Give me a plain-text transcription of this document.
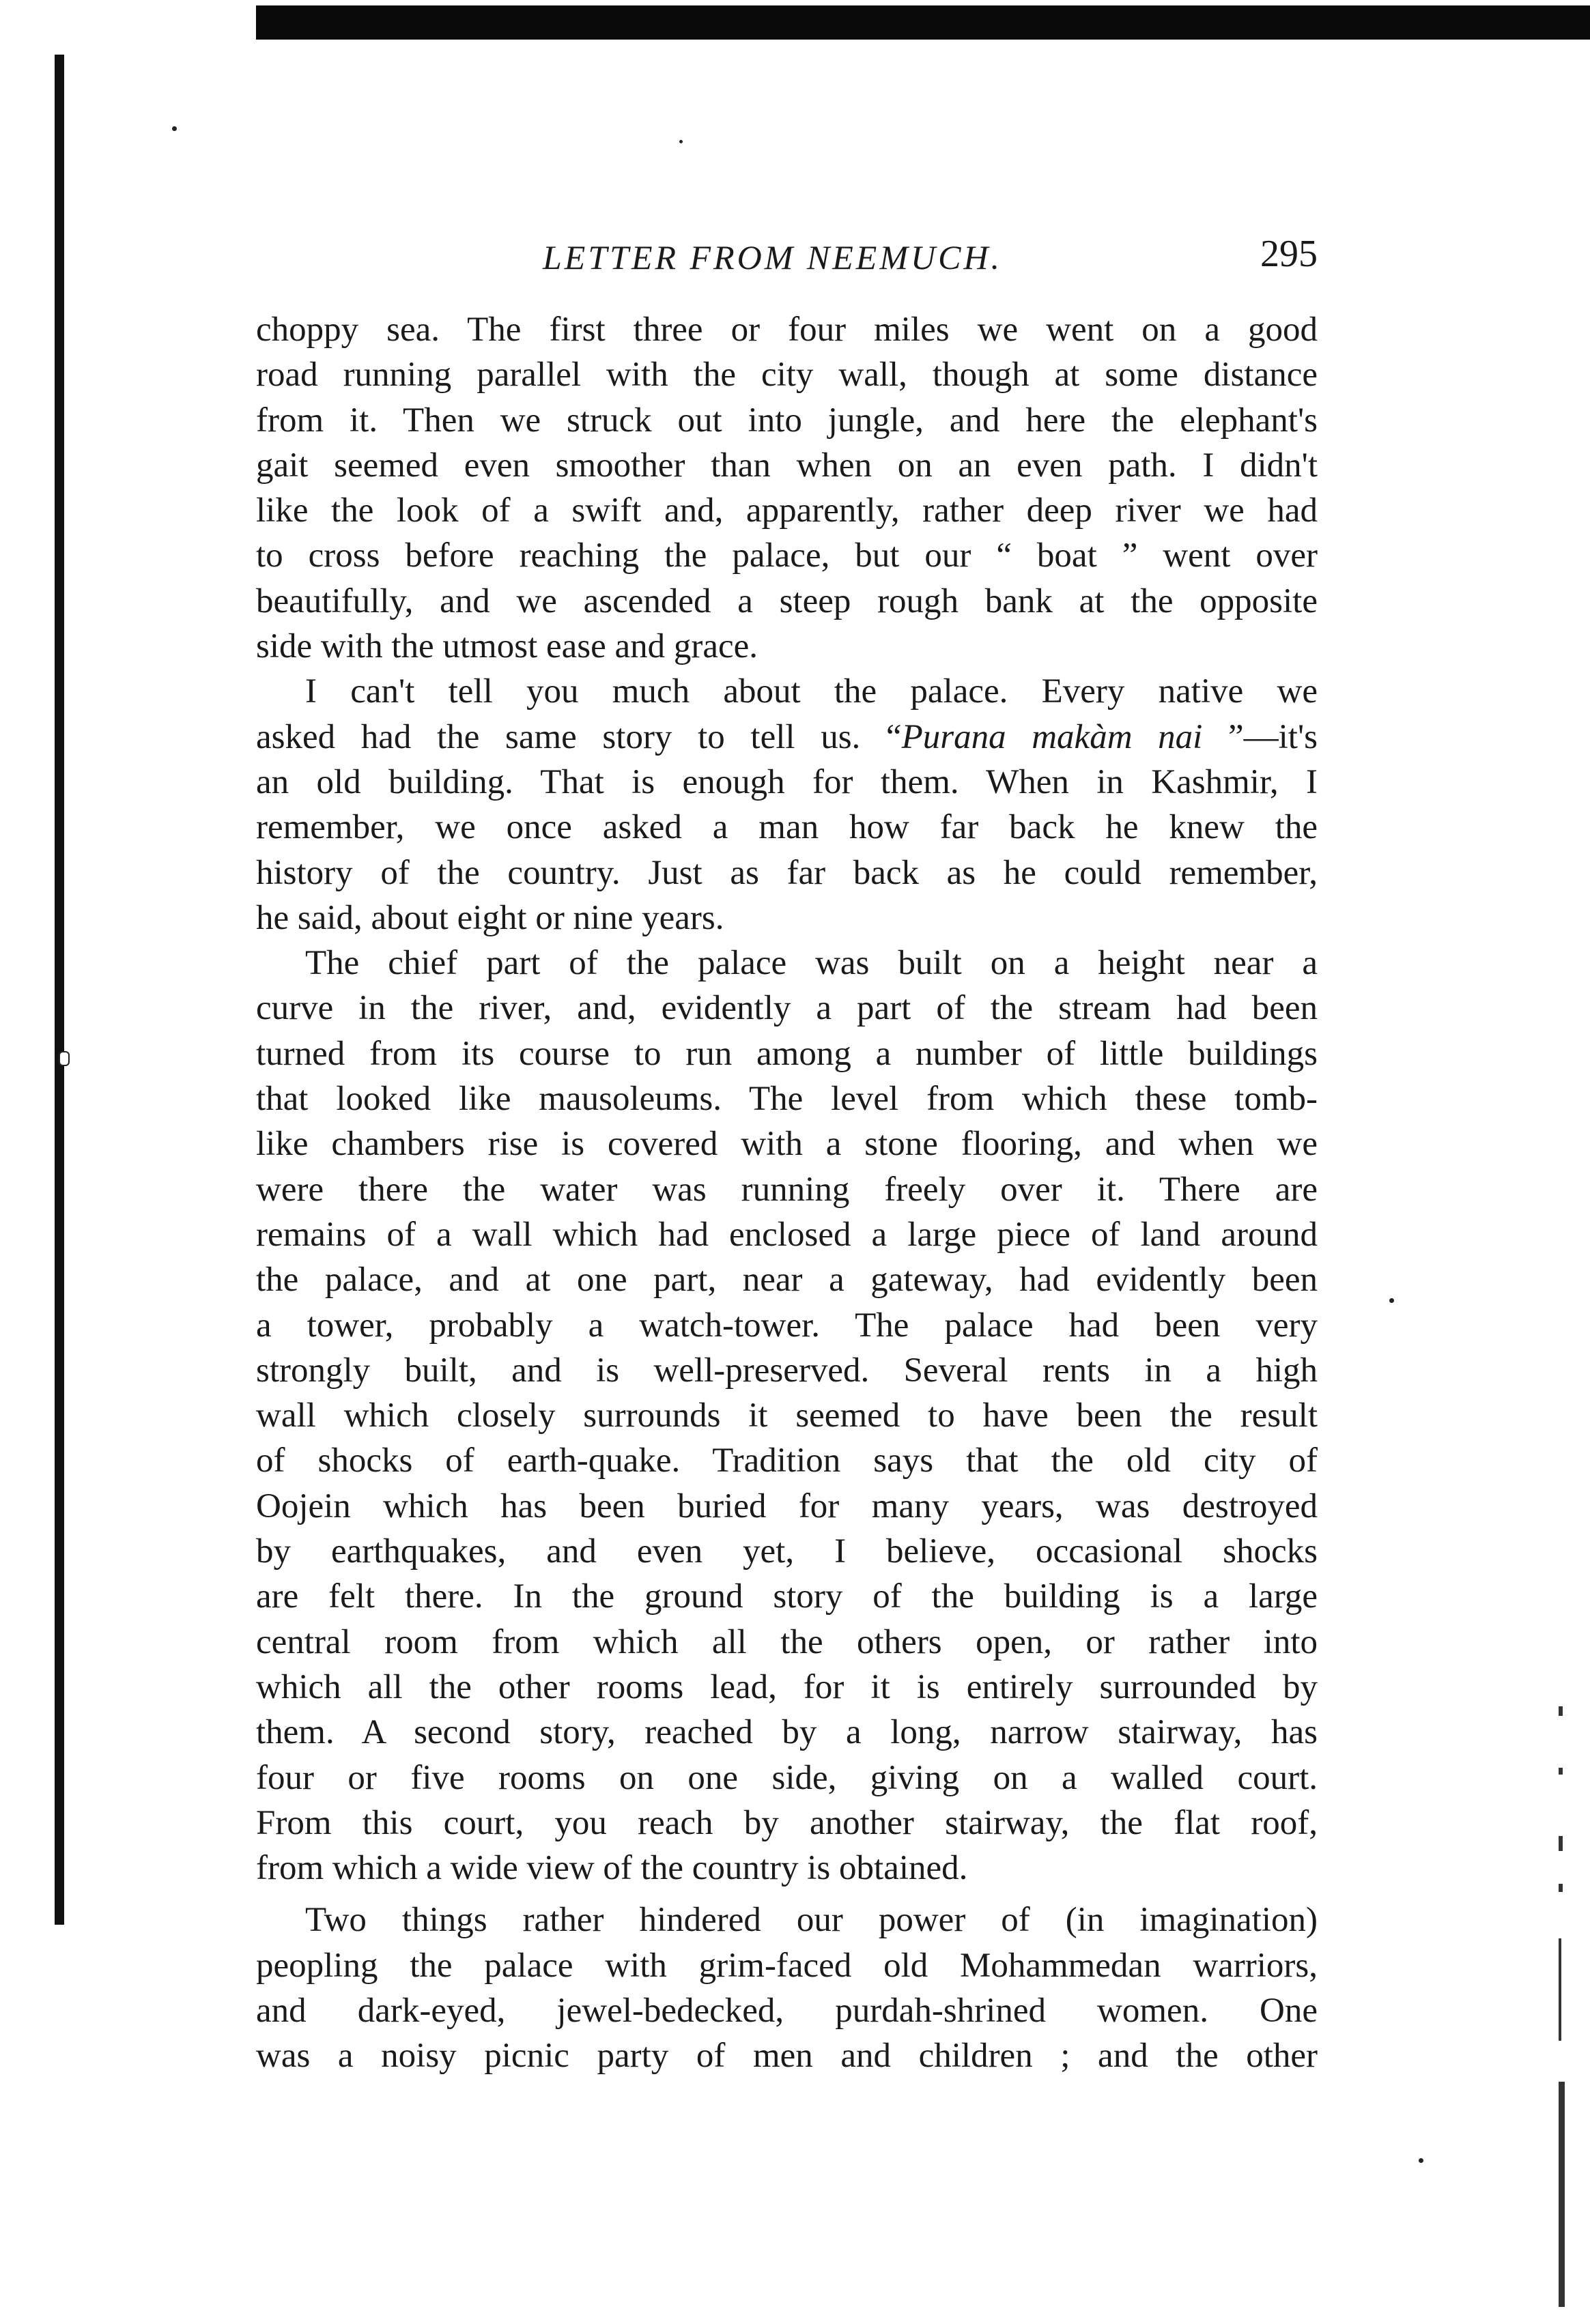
LETTER FROM NEEMUCH.	295

choppy sea. The first three or four miles we went on a good
road running parallel with the city wall, though at some distance
from it. Then we struck out into jungle, and here the elephant's
gait seemed even smoother than when on an even path. I didn't
like the look of a swift and, apparently, rather deep river we had
to cross before reaching the palace, but our “ boat ” went over
beautifully, and we ascended a steep rough bank at the opposite
side with the utmost ease and grace.

I can't tell you much about the palace. Every native we
asked had the same story to tell us. “Purana makàm nai ”—it's
an old building. That is enough for them. When in Kashmir, I
remember, we once asked a man how far back he knew the
history of the country. Just as far back as he could remember,
he said, about eight or nine years.

The chief part of the palace was built on a height near a
curve in the river, and, evidently a part of the stream had been
turned from its course to run among a number of little buildings
that looked like mausoleums. The level from which these tomb-
like chambers rise is covered with a stone flooring, and when we
were there the water was running freely over it. There are
remains of a wall which had enclosed a large piece of land around
the palace, and at one part, near a gateway, had evidently been
a tower, probably a watch-tower. The palace had been very
strongly built, and is well-preserved. Several rents in a high
wall which closely surrounds it seemed to have been the result
of shocks of earth-quake. Tradition says that the old city of
Oojein which has been buried for many years, was destroyed
by earthquakes, and even yet, I believe, occasional shocks
are felt there. In the ground story of the building is a large
central room from which all the others open, or rather into
which all the other rooms lead, for it is entirely surrounded by
them. A second story, reached by a long, narrow stairway, has
four or five rooms on one side, giving on a walled court.
From this court, you reach by another stairway, the flat roof,
from which a wide view of the country is obtained.

Two things rather hindered our power of (in imagination)
peopling the palace with grim-faced old Mohammedan warriors,
and dark-eyed, jewel-bedecked, purdah-shrined women. One
was a noisy picnic party of men and children ; and the other
